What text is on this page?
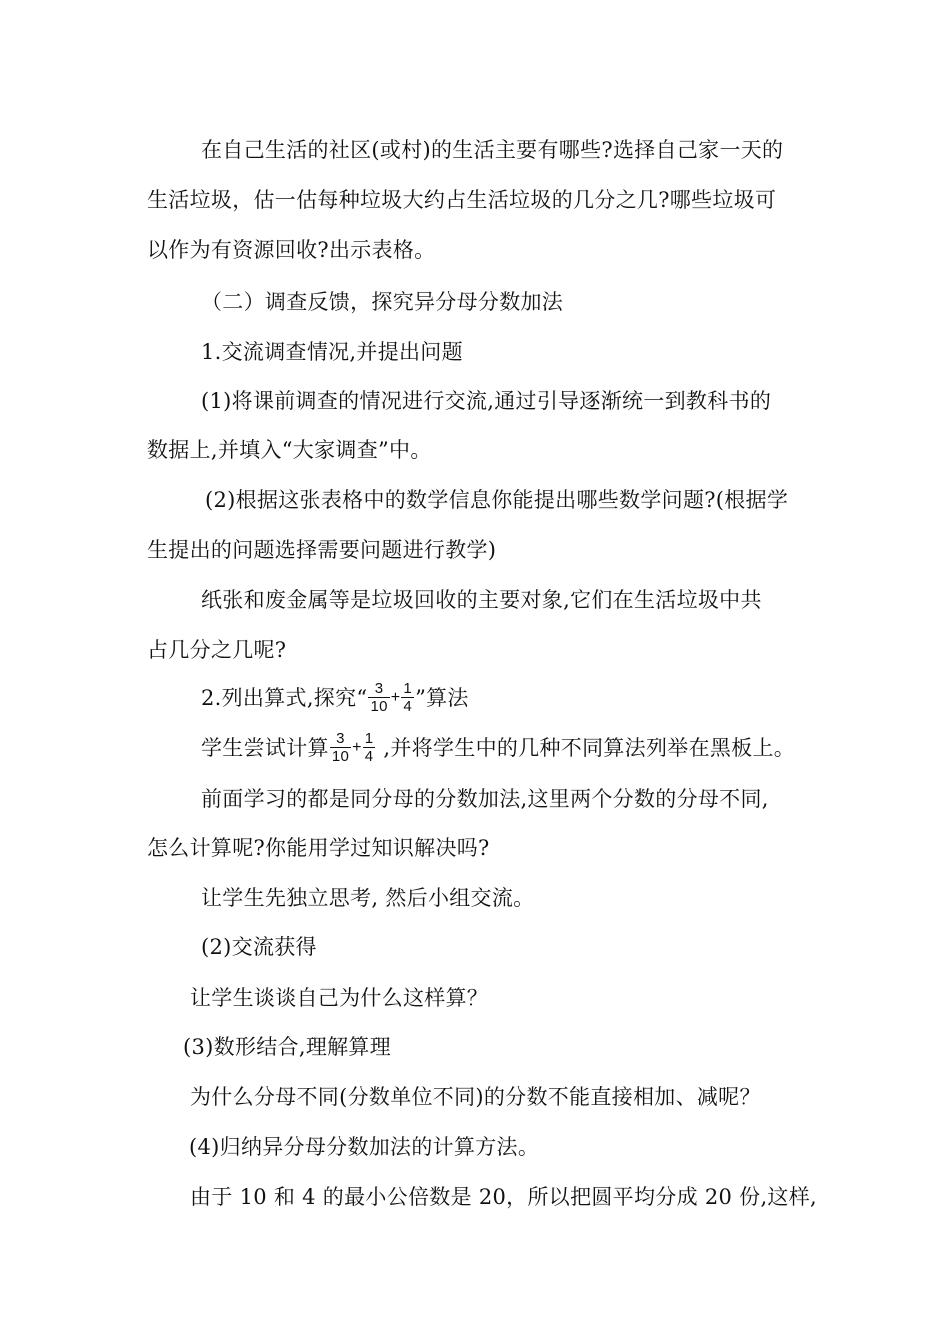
在自己生活的社区(或村)的生活主要有哪些?选择自己家一天的
生活垃圾，估一估每种垃圾大约占生活垃圾的几分之几?哪些垃圾可
以作为有资源回收?出示表格。
（二）调查反馈，探究异分母分数加法
1.交流调查情况,并提出问题
(1)将课前调查的情况进行交流,通过引导逐渐统一到教科书的
数据上,并填入“大家调查”中。
(2)根据这张表格中的数学信息你能提出哪些数学问题?(根据学
生提出的问题选择需要问题进行教学)
纸张和废金属等是垃圾回收的主要对象,它们在生活垃圾中共
占几分之几呢?
2.列出算式,探究“ $\frac{3}{10} + \frac{1}{4}$ ”算法
学生尝试计算 $\frac{3}{10} + \frac{1}{4}$ ,并将学生中的几种不同算法列举在黑板上。
前面学习的都是同分母的分数加法,这里两个分数的分母不同,
怎么计算呢?你能用学过知识解决吗?
让学生先独立思考, 然后小组交流。
(2)交流获得
让学生谈谈自己为什么这样算？
(3)数形结合,理解算理
为什么分母不同(分数单位不同)的分数不能直接相加、减呢？
(4)归纳异分母分数加法的计算方法。
由于 10 和 4 的最小公倍数是 20，所以把圆平均分成 20 份,这样,
